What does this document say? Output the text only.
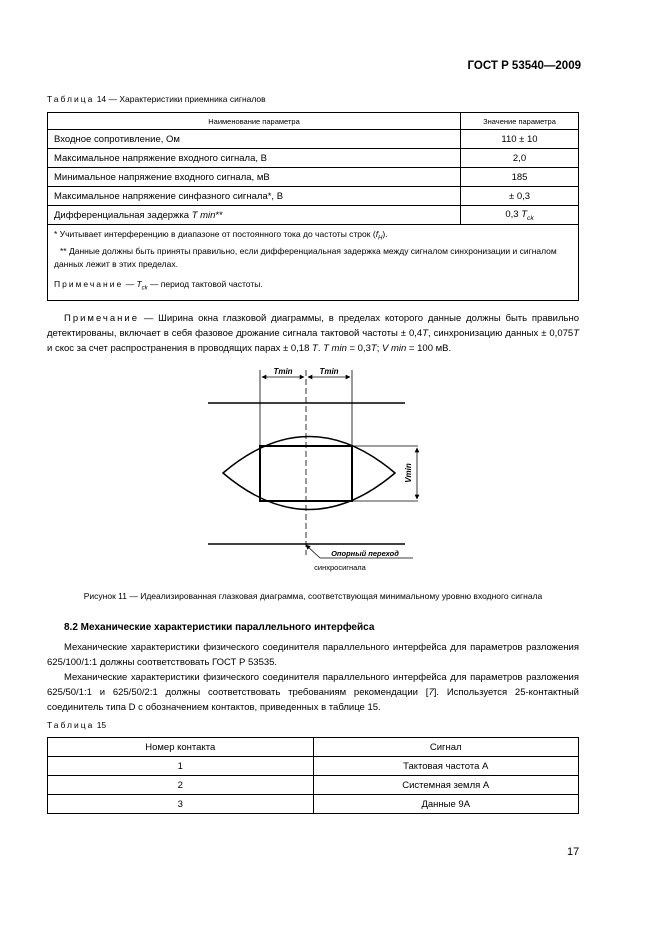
ГОСТ Р 53540—2009
Таблица 14 — Характеристики приемника сигналов
Наименование параметра	Значение параметра
Входное сопротивление, Ом	110 ± 10
Максимальное напряжение входного сигнала, В	2,0
Минимальное напряжение входного сигнала, мВ	185
Максимальное напряжение синфазного сигнала*, В	± 0,3
Дифференциальная задержка T min**	0,3 $T_{ck}$

* Учитывает интерференцию в диапазоне от постоянного тока до частоты строк $(f_H)$.
** Данные должны быть приняты правильно, если дифференциальная задержка между сигналом синхронизации и сигналом данных лежит в этих пределах.
Примечание — $T_{ck}$ — период тактовой частоты.	

Примечание — Ширина окна глазковой диаграммы, в пределах которого данные должны быть правильно детектированы, включает в себя фазовое дрожание сигнала тактовой частоты ± 0,4T, синхронизацию данных ± 0,075T и скос за счет распространения в проводящих парах ± 0,18 T. T min = 0,3T; V min = 100 мВ.

Tmin	Tmin
Vmin
Опорный переход
синхросигнала
Рисунок 11 — Идеализированная глазковая диаграмма, соответствующая минимальному уровню входного сигнала
8.2 Механические характеристики параллельного интерфейса

Механические характеристики физического соединителя параллельного интерфейса для параметров разложения 625/100/1:1 должны соответствовать ГОСТ Р 53535.

Механические характеристики физического соединителя параллельного интерфейса для параметров разложения 625/50/1:1 и 625/50/2:1 должны соответствовать требованиям рекомендации [7]. Используется 25-контактный соединитель типа D с обозначением контактов, приведенных в таблице 15.

Таблица 15
Номер контакта	Сигнал
1	Тактовая частота А
2	Системная земля А
3	Данные 9А
17
